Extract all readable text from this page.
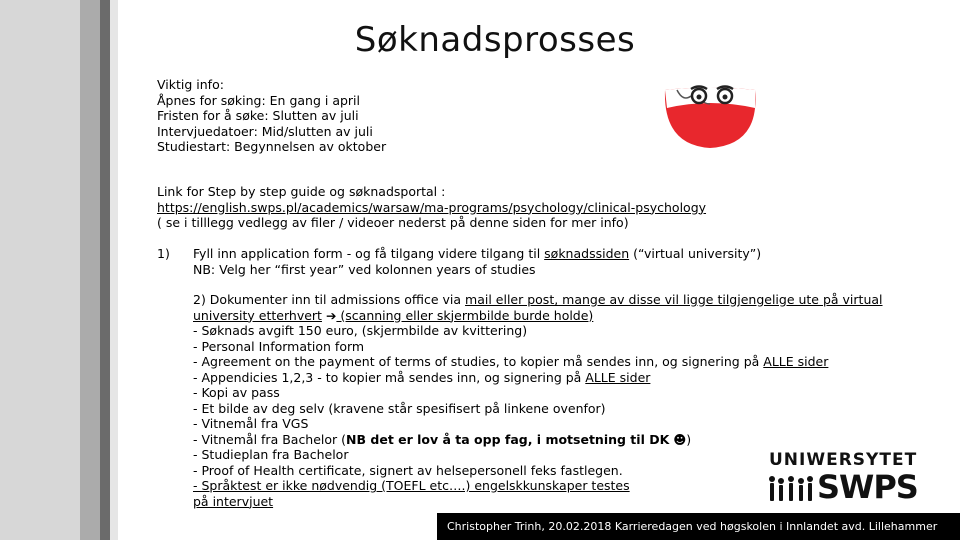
Søknadsprosses
Viktig info:
Åpnes for søking: En gang i april
Fristen for å søke: Slutten av juli
Intervjuedatoer: Mid/slutten av juli
Studiestart: Begynnelsen av oktober
Link for Step by step guide og søknadsportal :
https://english.swps.pl/academics/warsaw/ma-programs/psychology/clinical-psychology
( se i tilllegg vedlegg av filer / videoer nederst på denne siden for mer info)
1) Fyll inn application form - og få tilgang videre tilgang til søknadssiden (“virtual university”)
NB: Velg her “first year” ved kolonnen years of studies
2) Dokumenter inn til admissions office via mail eller post, mange av disse vil ligge tilgjengelige ute på virtual
university etterhvert ➔ (scanning eller skjermbilde burde holde)
- Søknads avgift 150 euro, (skjermbilde av kvittering)
- Personal Information form
- Agreement on the payment of terms of studies, to kopier må sendes inn, og signering på ALLE sider
- Appendicies 1,2,3 - to kopier må sendes inn, og signering på ALLE sider
- Kopi av pass
- Et bilde av deg selv (kravene står spesifisert på linkene ovenfor)
- Vitnemål fra VGS
- Vitnemål fra Bachelor (NB det er lov å ta opp fag, i motsetning til DK ☻)
- Studieplan fra Bachelor
- Proof of Health certificate, signert av helsepersonell feks fastlegen.
- Språktest er ikke nødvendig (TOEFL etc….) engelskkunskaper testes
på intervjuet
UNIWERSYTET
SWPS
Christopher Trinh, 20.02.2018 Karrieredagen ved høgskolen i Innlandet avd. Lillehammer
